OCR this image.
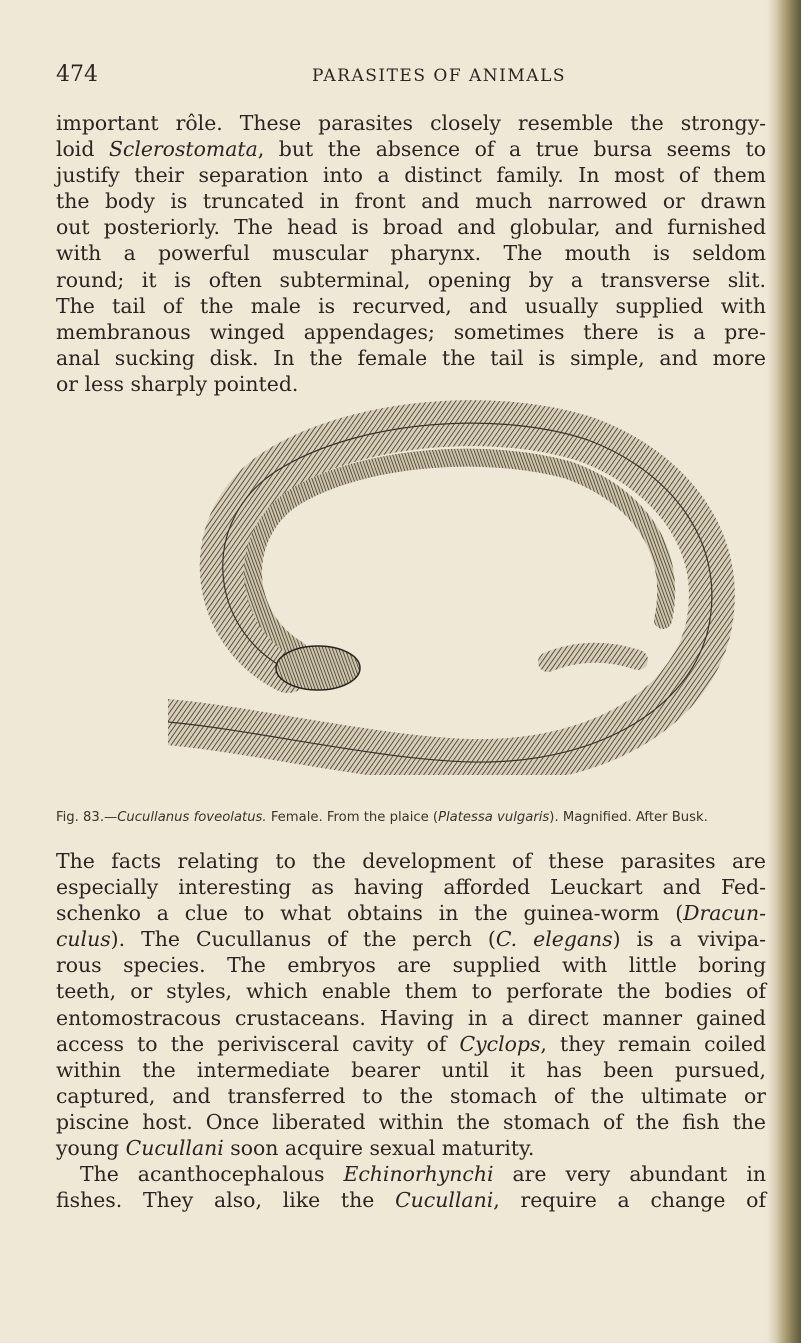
474	PARASITES OF ANIMALS
important rôle. These parasites closely resemble the strongy-
loid Sclerostomata, but the absence of a true bursa seems to
justify their separation into a distinct family. In most of them
the body is truncated in front and much narrowed or drawn
out posteriorly. The head is broad and globular, and furnished
with a powerful muscular pharynx. The mouth is seldom
round; it is often subterminal, opening by a transverse slit.
The tail of the male is recurved, and usually supplied with
membranous winged appendages; sometimes there is a pre-
anal sucking disk. In the female the tail is simple, and more
or less sharply pointed.
Fig. 83.—Cucullanus foveolatus. Female. From the plaice (Platessa vulgaris). Magnified. After Busk.
The facts relating to the development of these parasites are
especially interesting as having afforded Leuckart and Fed-
schenko a clue to what obtains in the guinea-worm (Dracun-
culus). The Cucullanus of the perch (C. elegans) is a vivipa-
rous species. The embryos are supplied with little boring
teeth, or styles, which enable them to perforate the bodies of
entomostracous crustaceans. Having in a direct manner gained
access to the perivisceral cavity of Cyclops, they remain coiled
within the intermediate bearer until it has been pursued,
captured, and transferred to the stomach of the ultimate or
piscine host. Once liberated within the stomach of the fish the
young Cucullani soon acquire sexual maturity.
The acanthocephalous Echinorhynchi are very abundant in
fishes. They also, like the Cucullani, require a change of
